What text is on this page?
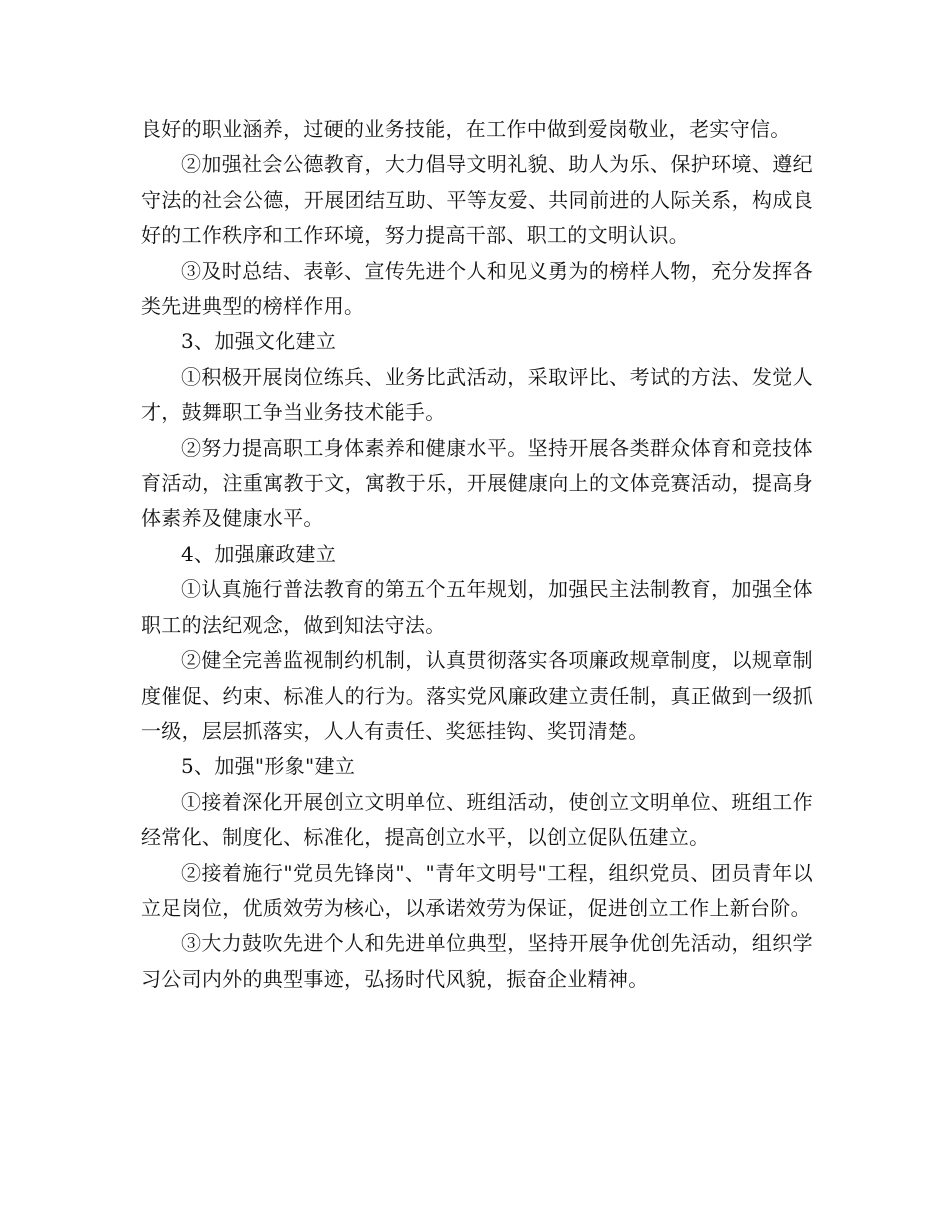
良好的职业涵养，过硬的业务技能，在工作中做到爱岗敬业，老实守信。

②加强社会公德教育，大力倡导文明礼貌、助人为乐、保护环境、遵纪守法的社会公德，开展团结互助、平等友爱、共同前进的人际关系，构成良好的工作秩序和工作环境，努力提高干部、职工的文明认识。

③及时总结、表彰、宣传先进个人和见义勇为的榜样人物，充分发挥各类先进典型的榜样作用。

3、加强文化建立

①积极开展岗位练兵、业务比武活动，采取评比、考试的方法、发觉人才，鼓舞职工争当业务技术能手。

②努力提高职工身体素养和健康水平。坚持开展各类群众体育和竞技体育活动，注重寓教于文，寓教于乐，开展健康向上的文体竞赛活动，提高身体素养及健康水平。

4、加强廉政建立

①认真施行普法教育的第五个五年规划，加强民主法制教育，加强全体职工的法纪观念，做到知法守法。

②健全完善监视制约机制，认真贯彻落实各项廉政规章制度，以规章制度催促、约束、标准人的行为。落实党风廉政建立责任制，真正做到一级抓一级，层层抓落实，人人有责任、奖惩挂钩、奖罚清楚。

5、加强"形象"建立

①接着深化开展创立文明单位、班组活动，使创立文明单位、班组工作经常化、制度化、标准化，提高创立水平，以创立促队伍建立。

②接着施行"党员先锋岗"、"青年文明号"工程，组织党员、团员青年以立足岗位，优质效劳为核心，以承诺效劳为保证，促进创立工作上新台阶。

③大力鼓吹先进个人和先进单位典型，坚持开展争优创先活动，组织学习公司内外的典型事迹，弘扬时代风貌，振奋企业精神。
